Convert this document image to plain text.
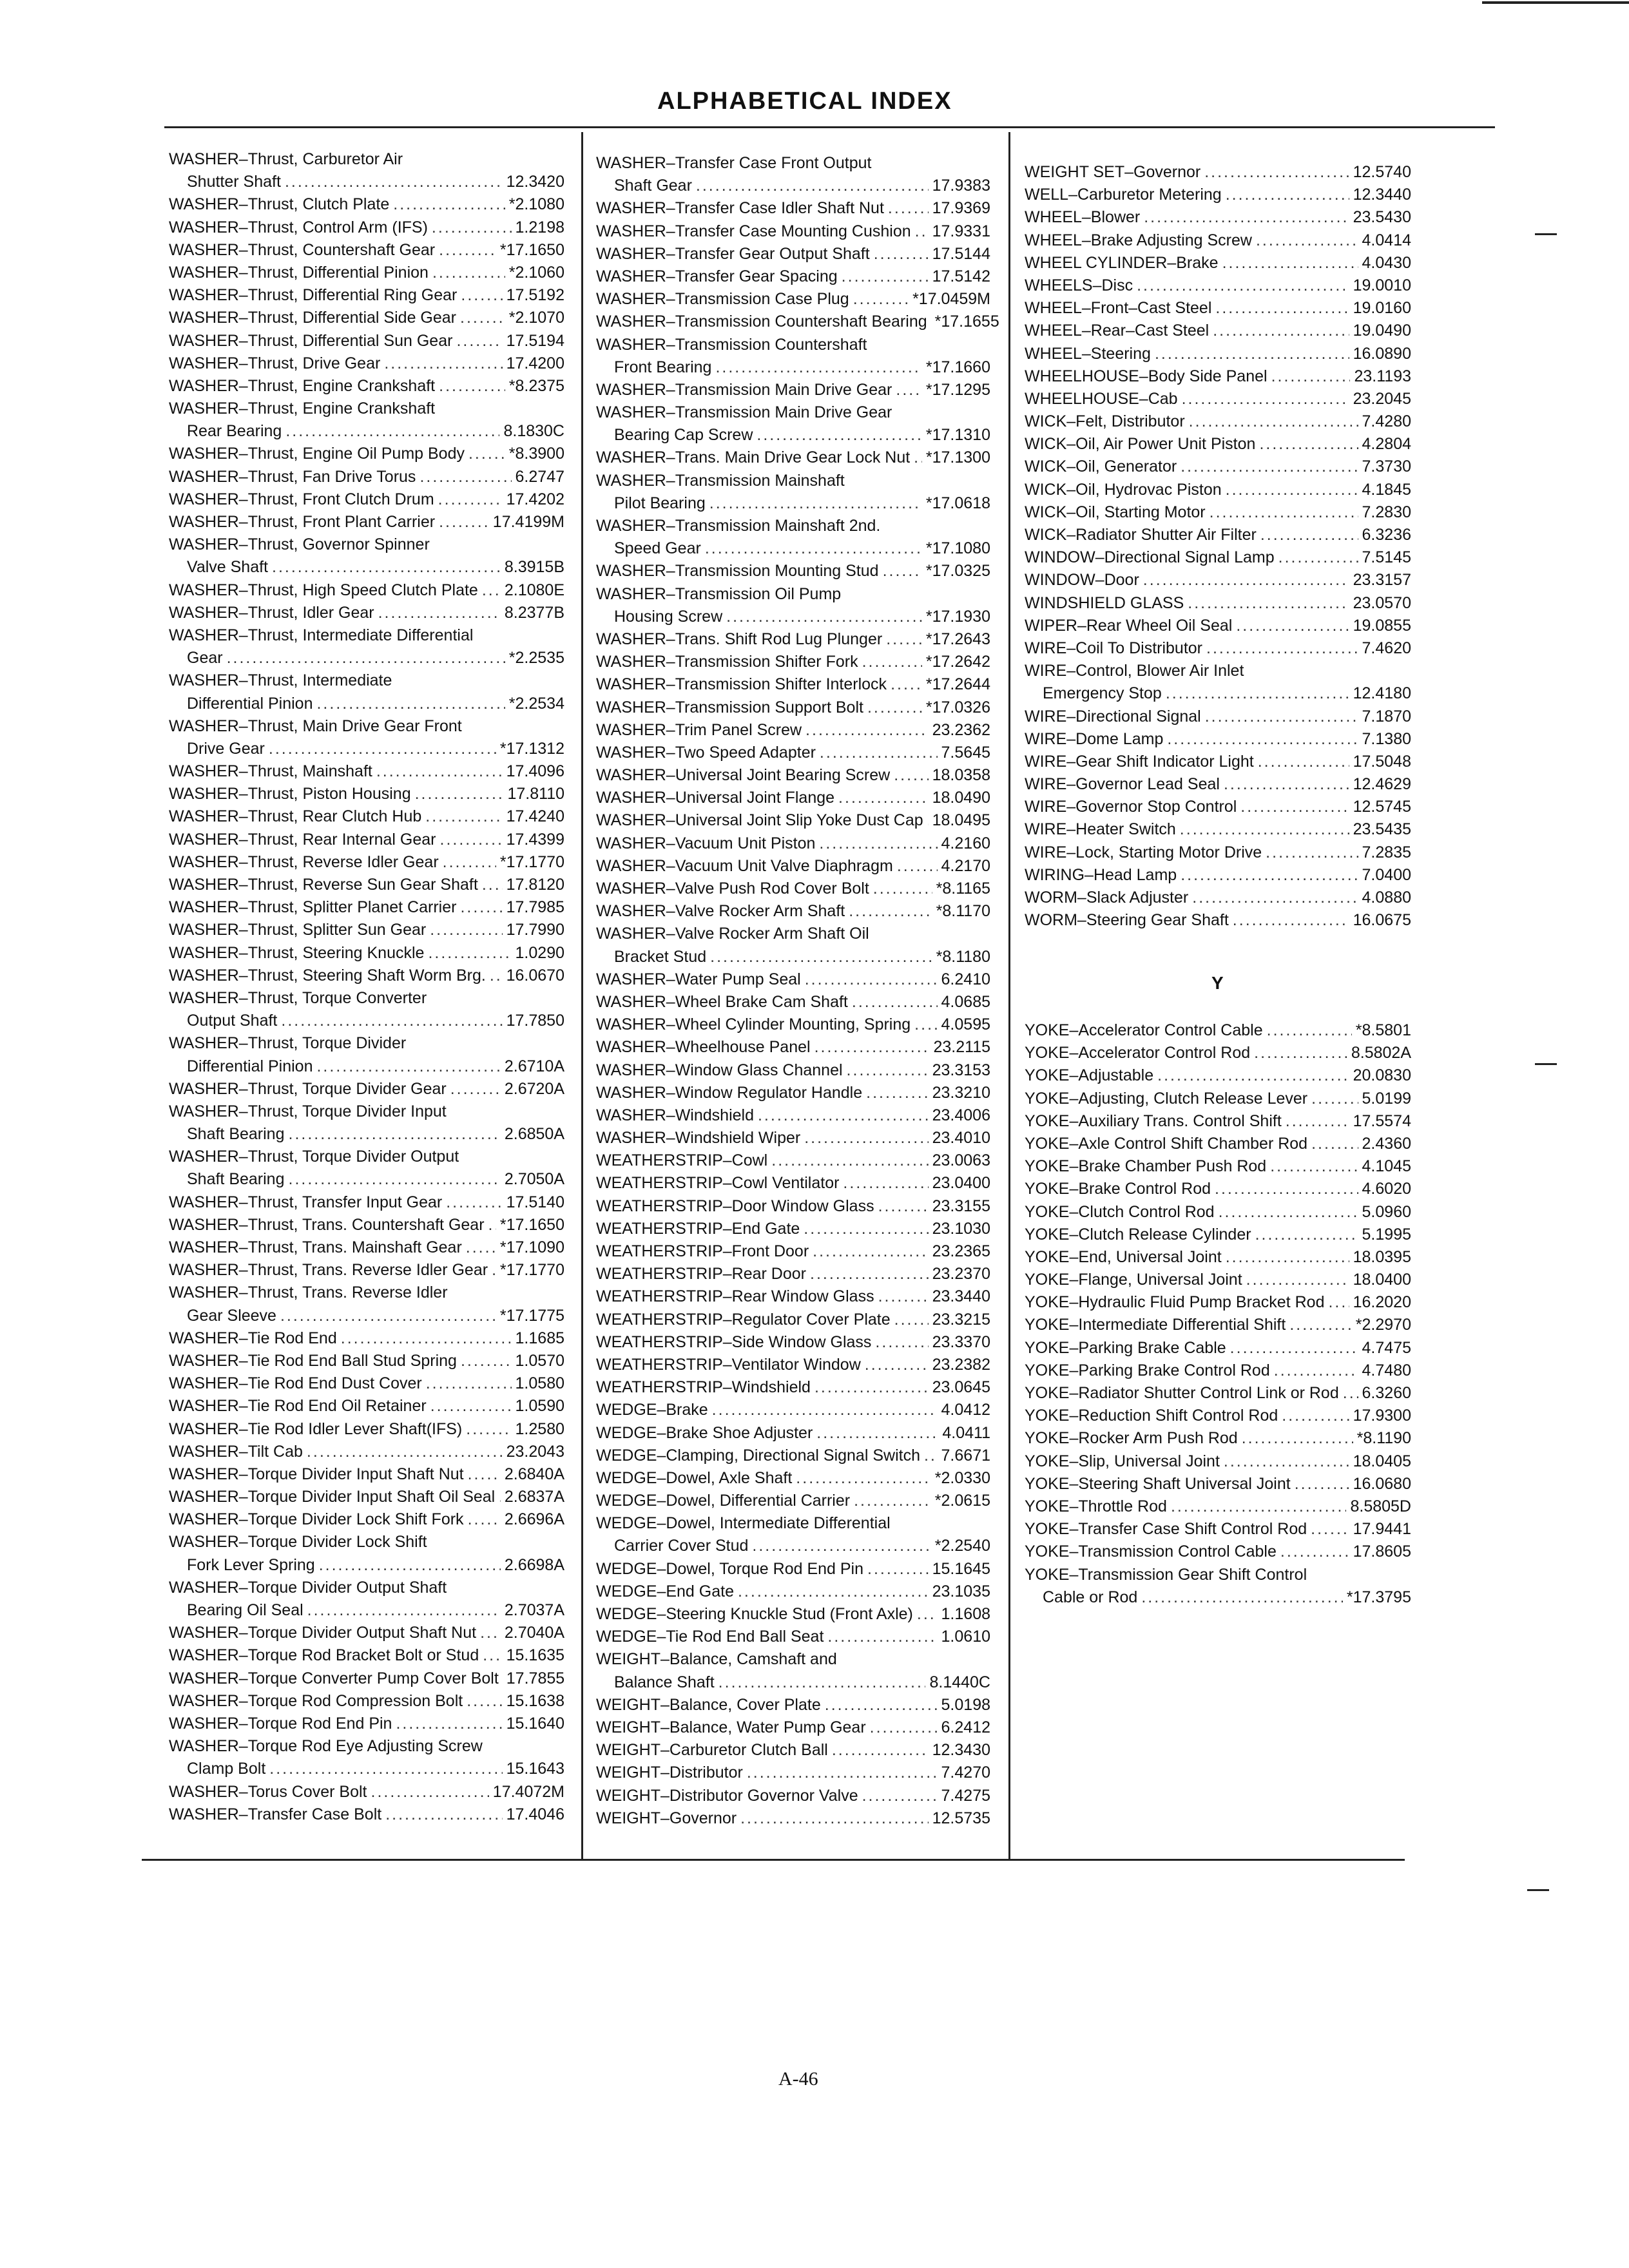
ALPHABETICAL INDEX
WASHER–Thrust, Carburetor Air
Shutter Shaft .....	12.3420
WASHER–Thrust, Clutch Plate .....	*2.1080
WASHER–Thrust, Control Arm (IFS) .....	1.2198
WASHER–Thrust, Countershaft Gear .....	*17.1650
WASHER–Thrust, Differential Pinion .....	*2.1060
WASHER–Thrust, Differential Ring Gear .....	17.5192
WASHER–Thrust, Differential Side Gear .....	*2.1070
WASHER–Thrust, Differential Sun Gear .....	17.5194
WASHER–Thrust, Drive Gear .....	17.4200
WASHER–Thrust, Engine Crankshaft .....	*8.2375
WASHER–Thrust, Engine Crankshaft
Rear Bearing .....	8.1830C
WASHER–Thrust, Engine Oil Pump Body .....	*8.3900
WASHER–Thrust, Fan Drive Torus .....	6.2747
WASHER–Thrust, Front Clutch Drum .....	17.4202
WASHER–Thrust, Front Plant Carrier .....	17.4199M
WASHER–Thrust, Governor Spinner
Valve Shaft .....	8.3915B
WASHER–Thrust, High Speed Clutch Plate ..... 2.1080E
WASHER–Thrust, Idler Gear .....	8.2377B
WASHER–Thrust, Intermediate Differential
Gear .....	*2.2535
WASHER–Thrust, Intermediate
Differential Pinion .....	*2.2534
WASHER–Thrust, Main Drive Gear Front
Drive Gear .....	*17.1312
WASHER–Thrust, Mainshaft .....	17.4096
WASHER–Thrust, Piston Housing .....	17.8110
WASHER–Thrust, Rear Clutch Hub .....	17.4240
WASHER–Thrust, Rear Internal Gear .....	17.4399
WASHER–Thrust, Reverse Idler Gear .....	*17.1770
WASHER–Thrust, Reverse Sun Gear Shaft ..... 17.8120
WASHER–Thrust, Splitter Planet Carrier .....	17.7985
WASHER–Thrust, Splitter Sun Gear .....	17.7990
WASHER–Thrust, Steering Knuckle .....	1.0290
WASHER–Thrust, Steering Shaft Worm Brg. ..... 16.0670
WASHER–Thrust, Torque Converter
Output Shaft .....	17.7850
WASHER–Thrust, Torque Divider
Differential Pinion .....	2.6710A
WASHER–Thrust, Torque Divider Gear .....	2.6720A
WASHER–Thrust, Torque Divider Input
Shaft Bearing .....	2.6850A
WASHER–Thrust, Torque Divider Output
Shaft Bearing .....	2.7050A
WASHER–Thrust, Transfer Input Gear .....	17.5140
WASHER–Thrust, Trans. Countershaft Gear ..... *17.1650
WASHER–Thrust, Trans. Mainshaft Gear ..... *17.1090
WASHER–Thrust, Trans. Reverse Idler Gear ..... *17.1770
WASHER–Thrust, Trans. Reverse Idler
Gear Sleeve .....	*17.1775
WASHER–Tie Rod End .....	1.1685
WASHER–Tie Rod End Ball Stud Spring .....	1.0570
WASHER–Tie Rod End Dust Cover .....	1.0580
WASHER–Tie Rod End Oil Retainer .....	1.0590
WASHER–Tie Rod Idler Lever Shaft(IFS) .....	1.2580
WASHER–Tilt Cab .....	23.2043
WASHER–Torque Divider Input Shaft Nut .....	2.6840A
WASHER–Torque Divider Input Shaft Oil Seal ..... 2.6837A
WASHER–Torque Divider Lock Shift Fork .....	2.6696A
WASHER–Torque Divider Lock Shift
Fork Lever Spring .....	2.6698A
WASHER–Torque Divider Output Shaft
Bearing Oil Seal .....	2.7037A
WASHER–Torque Divider Output Shaft Nut ..... 2.7040A
WASHER–Torque Rod Bracket Bolt or Stud ..... 15.1635
WASHER–Torque Converter Pump Cover Bolt 17.7855
WASHER–Torque Rod Compression Bolt .....	15.1638
WASHER–Torque Rod End Pin .....	15.1640
WASHER–Torque Rod Eye Adjusting Screw
Clamp Bolt .....	15.1643
WASHER–Torus Cover Bolt .....	17.4072M
WASHER–Transfer Case Bolt .....	17.4046
WASHER–Transfer Case Front Output
Shaft Gear .....	17.9383
WASHER–Transfer Case Idler Shaft Nut .....	17.9369
WASHER–Transfer Case Mounting Cushion ..... 17.9331
WASHER–Transfer Gear Output Shaft .....	17.5144
WASHER–Transfer Gear Spacing .....	17.5142
WASHER–Transmission Case Plug .....	*17.0459M
WASHER–Transmission Countershaft Bearing *17.1655
WASHER–Transmission Countershaft
Front Bearing .....	*17.1660
WASHER–Transmission Main Drive Gear ..... *17.1295
WASHER–Transmission Main Drive Gear
Bearing Cap Screw .....	*17.1310
WASHER–Trans. Main Drive Gear Lock Nut ..... *17.1300
WASHER–Transmission Mainshaft
Pilot Bearing .....	*17.0618
WASHER–Transmission Mainshaft 2nd.
Speed Gear .....	*17.1080
WASHER–Transmission Mounting Stud .....	*17.0325
WASHER–Transmission Oil Pump
Housing Screw .....	*17.1930
WASHER–Trans. Shift Rod Lug Plunger .....	*17.2643
WASHER–Transmission Shifter Fork .....	*17.2642
WASHER–Transmission Shifter Interlock ..... *17.2644
WASHER–Transmission Support Bolt .....	*17.0326
WASHER–Trim Panel Screw .....	23.2362
WASHER–Two Speed Adapter .....	7.5645
WASHER–Universal Joint Bearing Screw .....	18.0358
WASHER–Universal Joint Flange .....	18.0490
WASHER–Universal Joint Slip Yoke Dust Cap ..... 18.0495
WASHER–Vacuum Unit Piston .....	4.2160
WASHER–Vacuum Unit Valve Diaphragm .....	4.2170
WASHER–Valve Push Rod Cover Bolt .....	*8.1165
WASHER–Valve Rocker Arm Shaft .....	*8.1170
WASHER–Valve Rocker Arm Shaft Oil
Bracket Stud .....	*8.1180
WASHER–Water Pump Seal .....	6.2410
WASHER–Wheel Brake Cam Shaft .....	4.0685
WASHER–Wheel Cylinder Mounting, Spring ..... 4.0595
WASHER–Wheelhouse Panel .....	23.2115
WASHER–Window Glass Channel .....	23.3153
WASHER–Window Regulator Handle .....	23.3210
WASHER–Windshield .....	23.4006
WASHER–Windshield Wiper .....	23.4010
WEATHERSTRIP–Cowl .....	23.0063
WEATHERSTRIP–Cowl Ventilator .....	23.0400
WEATHERSTRIP–Door Window Glass .....	23.3155
WEATHERSTRIP–End Gate .....	23.1030
WEATHERSTRIP–Front Door .....	23.2365
WEATHERSTRIP–Rear Door .....	23.2370
WEATHERSTRIP–Rear Window Glass .....	23.3440
WEATHERSTRIP–Regulator Cover Plate .....	23.3215
WEATHERSTRIP–Side Window Glass .....	23.3370
WEATHERSTRIP–Ventilator Window .....	23.2382
WEATHERSTRIP–Windshield .....	23.0645
WEDGE–Brake .....	4.0412
WEDGE–Brake Shoe Adjuster .....	4.0411
WEDGE–Clamping, Directional Signal Switch ..... 7.6671
WEDGE–Dowel, Axle Shaft .....	*2.0330
WEDGE–Dowel, Differential Carrier .....	*2.0615
WEDGE–Dowel, Intermediate Differential
Carrier Cover Stud .....	*2.2540
WEDGE–Dowel, Torque Rod End Pin .....	15.1645
WEDGE–End Gate .....	23.1035
WEDGE–Steering Knuckle Stud (Front Axle) ..... 1.1608
WEDGE–Tie Rod End Ball Seat .....	1.0610
WEIGHT–Balance, Camshaft and
Balance Shaft .....	8.1440C
WEIGHT–Balance, Cover Plate .....	5.0198
WEIGHT–Balance, Water Pump Gear .....	6.2412
WEIGHT–Carburetor Clutch Ball .....	12.3430
WEIGHT–Distributor .....	7.4270
WEIGHT–Distributor Governor Valve .....	7.4275
WEIGHT–Governor .....	12.5735
WEIGHT SET–Governor .....	12.5740
WELL–Carburetor Metering .....	12.3440
WHEEL–Blower .....	23.5430
WHEEL–Brake Adjusting Screw .....	4.0414
WHEEL CYLINDER–Brake .....	4.0430
WHEELS–Disc .....	19.0010
WHEEL–Front–Cast Steel .....	19.0160
WHEEL–Rear–Cast Steel .....	19.0490
WHEEL–Steering .....	16.0890
WHEELHOUSE–Body Side Panel .....	23.1193
WHEELHOUSE–Cab .....	23.2045
WICK–Felt, Distributor .....	7.4280
WICK–Oil, Air Power Unit Piston .....	4.2804
WICK–Oil, Generator .....	7.3730
WICK–Oil, Hydrovac Piston .....	4.1845
WICK–Oil, Starting Motor .....	7.2830
WICK–Radiator Shutter Air Filter .....	6.3236
WINDOW–Directional Signal Lamp .....	7.5145
WINDOW–Door .....	23.3157
WINDSHIELD GLASS .....	23.0570
WIPER–Rear Wheel Oil Seal .....	19.0855
WIRE–Coil To Distributor .....	7.4620
WIRE–Control, Blower Air Inlet
Emergency Stop .....	12.4180
WIRE–Directional Signal .....	7.1870
WIRE–Dome Lamp .....	7.1380
WIRE–Gear Shift Indicator Light .....	17.5048
WIRE–Governor Lead Seal .....	12.4629
WIRE–Governor Stop Control .....	12.5745
WIRE–Heater Switch .....	23.5435
WIRE–Lock, Starting Motor Drive .....	7.2835
WIRING–Head Lamp .....	7.0400
WORM–Slack Adjuster .....	4.0880
WORM–Steering Gear Shaft .....	16.0675
Y
YOKE–Accelerator Control Cable .....	*8.5801
YOKE–Accelerator Control Rod .....	8.5802A
YOKE–Adjustable .....	20.0830
YOKE–Adjusting, Clutch Release Lever .....	5.0199
YOKE–Auxiliary Trans. Control Shift .....	17.5574
YOKE–Axle Control Shift Chamber Rod .....	2.4360
YOKE–Brake Chamber Push Rod .....	4.1045
YOKE–Brake Control Rod .....	4.6020
YOKE–Clutch Control Rod .....	5.0960
YOKE–Clutch Release Cylinder .....	5.1995
YOKE–End, Universal Joint .....	18.0395
YOKE–Flange, Universal Joint .....	18.0400
YOKE–Hydraulic Fluid Pump Bracket Rod ..... 16.2020
YOKE–Intermediate Differential Shift .....	*2.2970
YOKE–Parking Brake Cable .....	4.7475
YOKE–Parking Brake Control Rod .....	4.7480
YOKE–Radiator Shutter Control Link or Rod ..... 6.3260
YOKE–Reduction Shift Control Rod .....	17.9300
YOKE–Rocker Arm Push Rod .....	*8.1190
YOKE–Slip, Universal Joint .....	18.0405
YOKE–Steering Shaft Universal Joint .....	16.0680
YOKE–Throttle Rod .....	8.5805D
YOKE–Transfer Case Shift Control Rod .....	17.9441
YOKE–Transmission Control Cable .....	17.8605
YOKE–Transmission Gear Shift Control
Cable or Rod .....	*17.3795
A-46
